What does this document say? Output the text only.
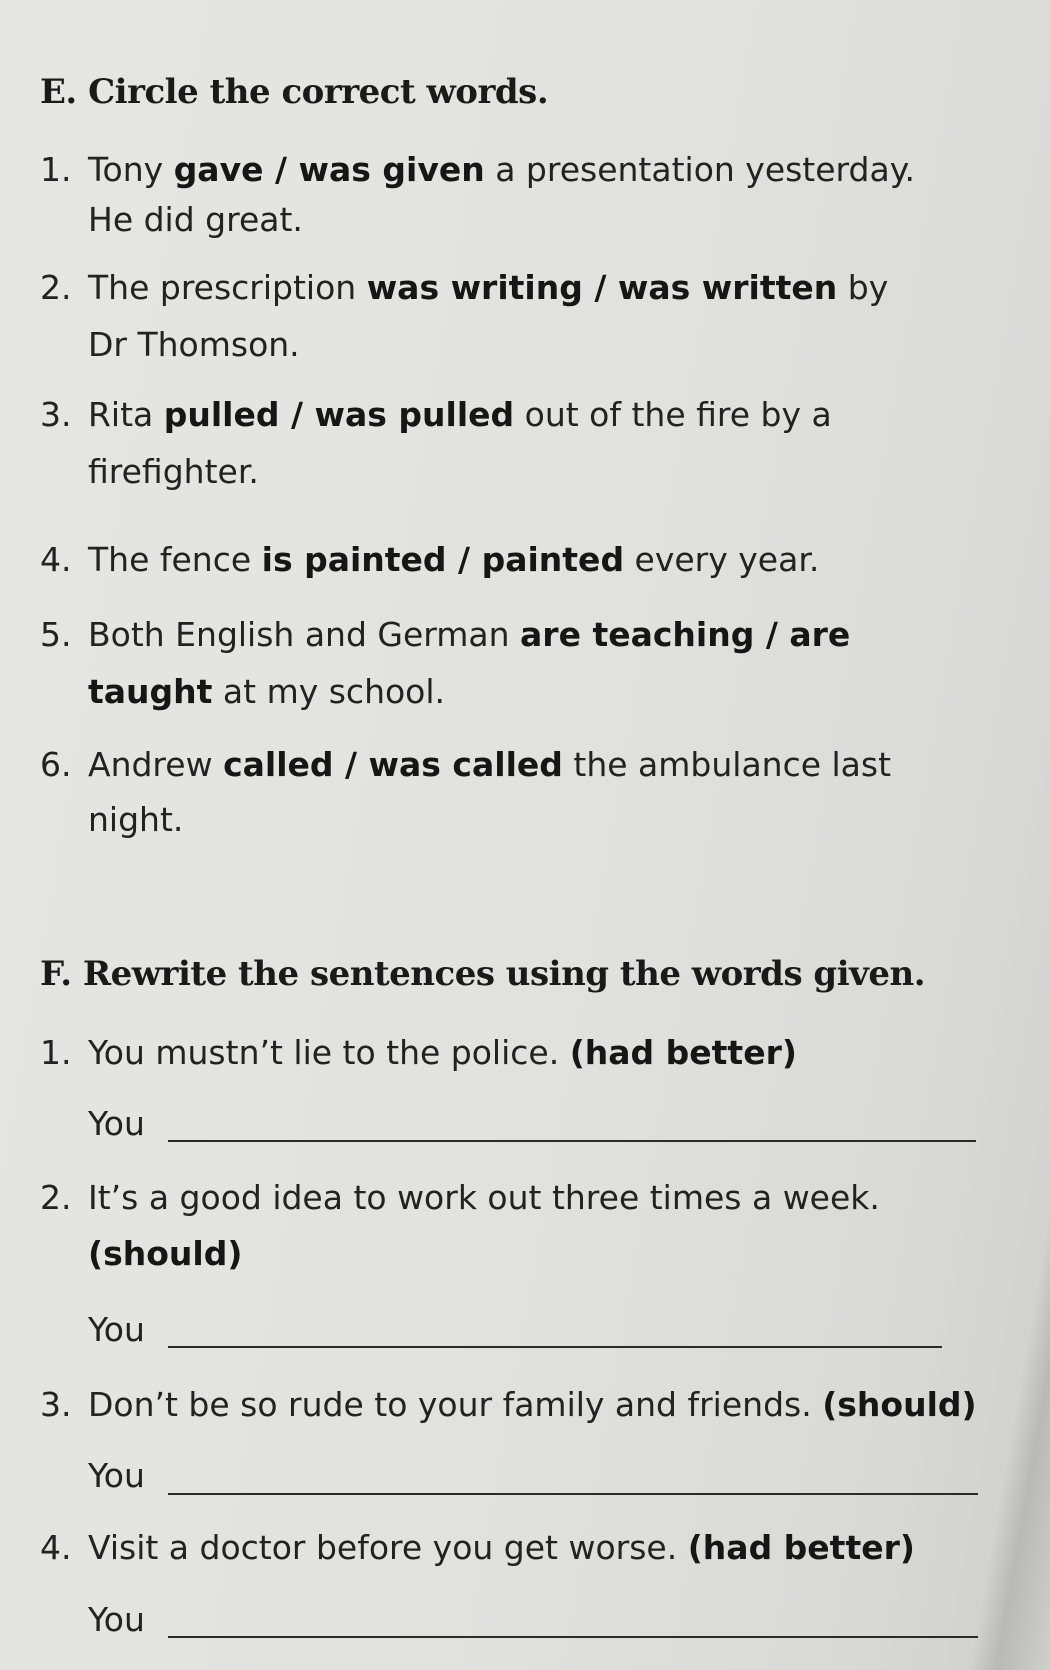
E. Circle the correct words.
1. Tony gave / was given a presentation yesterday.
He did great.
2. The prescription was writing / was written by
Dr Thomson.
3. Rita pulled / was pulled out of the fire by a
firefighter.
4. The fence is painted / painted every year.
5. Both English and German are teaching / are
taught at my school.
6. Andrew called / was called the ambulance last
night.
F. Rewrite the sentences using the words given.
1. You mustn’t lie to the police. (had better)
You
2. It’s a good idea to work out three times a week.
(should)
You
3. Don’t be so rude to your family and friends. (should)
You
4. Visit a doctor before you get worse. (had better)
You
